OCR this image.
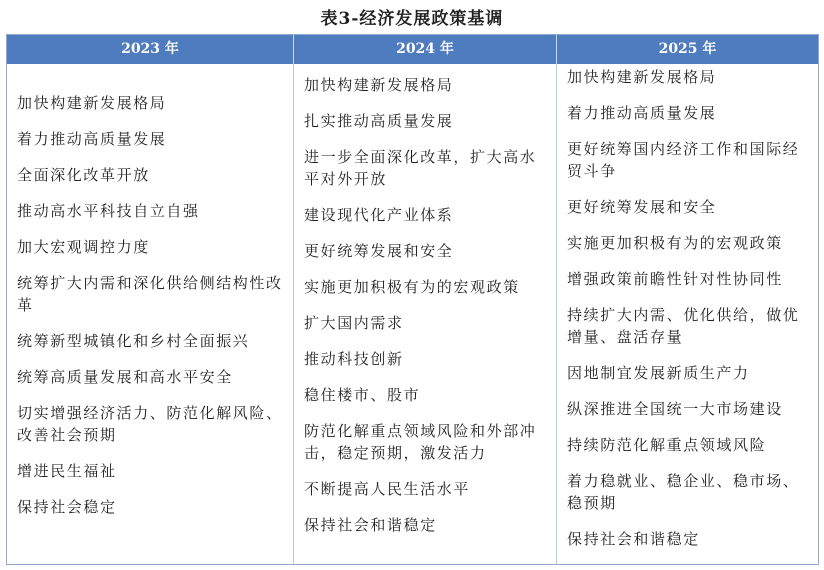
表3-经济发展政策基调
2023 年	2024 年	2025 年
加快构建新发展格局
着力推动高质量发展
全面深化改革开放
推动高水平科技自立自强
加大宏观调控力度
统筹扩大内需和深化供给侧结构性改革
统筹新型城镇化和乡村全面振兴
统筹高质量发展和高水平安全
切实增强经济活力、防范化解风险、改善社会预期
增进民生福祉
保持社会稳定
加快构建新发展格局
扎实推动高质量发展
进一步全面深化改革，扩大高水平对外开放
建设现代化产业体系
更好统筹发展和安全
实施更加积极有为的宏观政策
扩大国内需求
推动科技创新
稳住楼市、股市
防范化解重点领域风险和外部冲击，稳定预期，激发活力
不断提高人民生活水平
保持社会和谐稳定
加快构建新发展格局
着力推动高质量发展
更好统筹国内经济工作和国际经贸斗争
更好统筹发展和安全
实施更加积极有为的宏观政策
增强政策前瞻性针对性协同性
持续扩大内需、优化供给，做优增量、盘活存量
因地制宜发展新质生产力
纵深推进全国统一大市场建设
持续防范化解重点领域风险
着力稳就业、稳企业、稳市场、稳预期
保持社会和谐稳定
